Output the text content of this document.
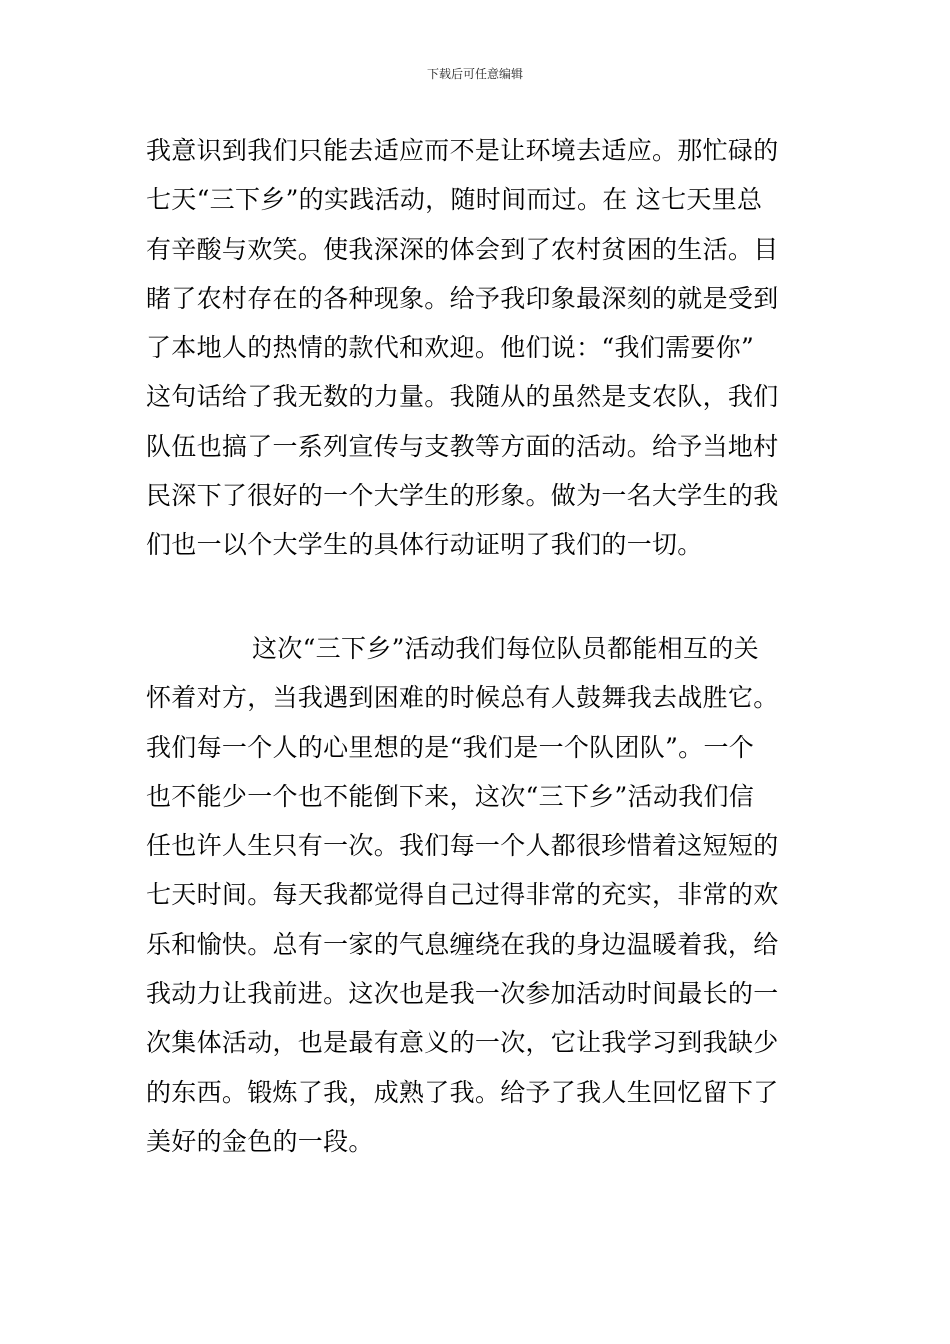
下载后可任意编辑
我意识到我们只能去适应而不是让环境去适应。那忙碌的
七天“三下乡”的实践活动，随时间而过。在 这七天里总
有辛酸与欢笑。使我深深的体会到了农村贫困的生活。目
睹了农村存在的各种现象。给予我印象最深刻的就是受到
了本地人的热情的款代和欢迎。他们说：“我们需要你”
这句话给了我无数的力量。我随从的虽然是支农队，我们
队伍也搞了一系列宣传与支教等方面的活动。给予当地村
民深下了很好的一个大学生的形象。做为一名大学生的我
们也一以个大学生的具体行动证明了我们的一切。
这次“三下乡”活动我们每位队员都能相互的关
怀着对方，当我遇到困难的时候总有人鼓舞我去战胜它。
我们每一个人的心里想的是“我们是一个队团队”。一个
也不能少一个也不能倒下来，这次“三下乡”活动我们信
任也许人生只有一次。我们每一个人都很珍惜着这短短的
七天时间。每天我都觉得自己过得非常的充实，非常的欢
乐和愉快。总有一家的气息缠绕在我的身边温暖着我，给
我动力让我前进。这次也是我一次参加活动时间最长的一
次集体活动，也是最有意义的一次，它让我学习到我缺少
的东西。锻炼了我，成熟了我。给予了我人生回忆留下了
美好的金色的一段。
